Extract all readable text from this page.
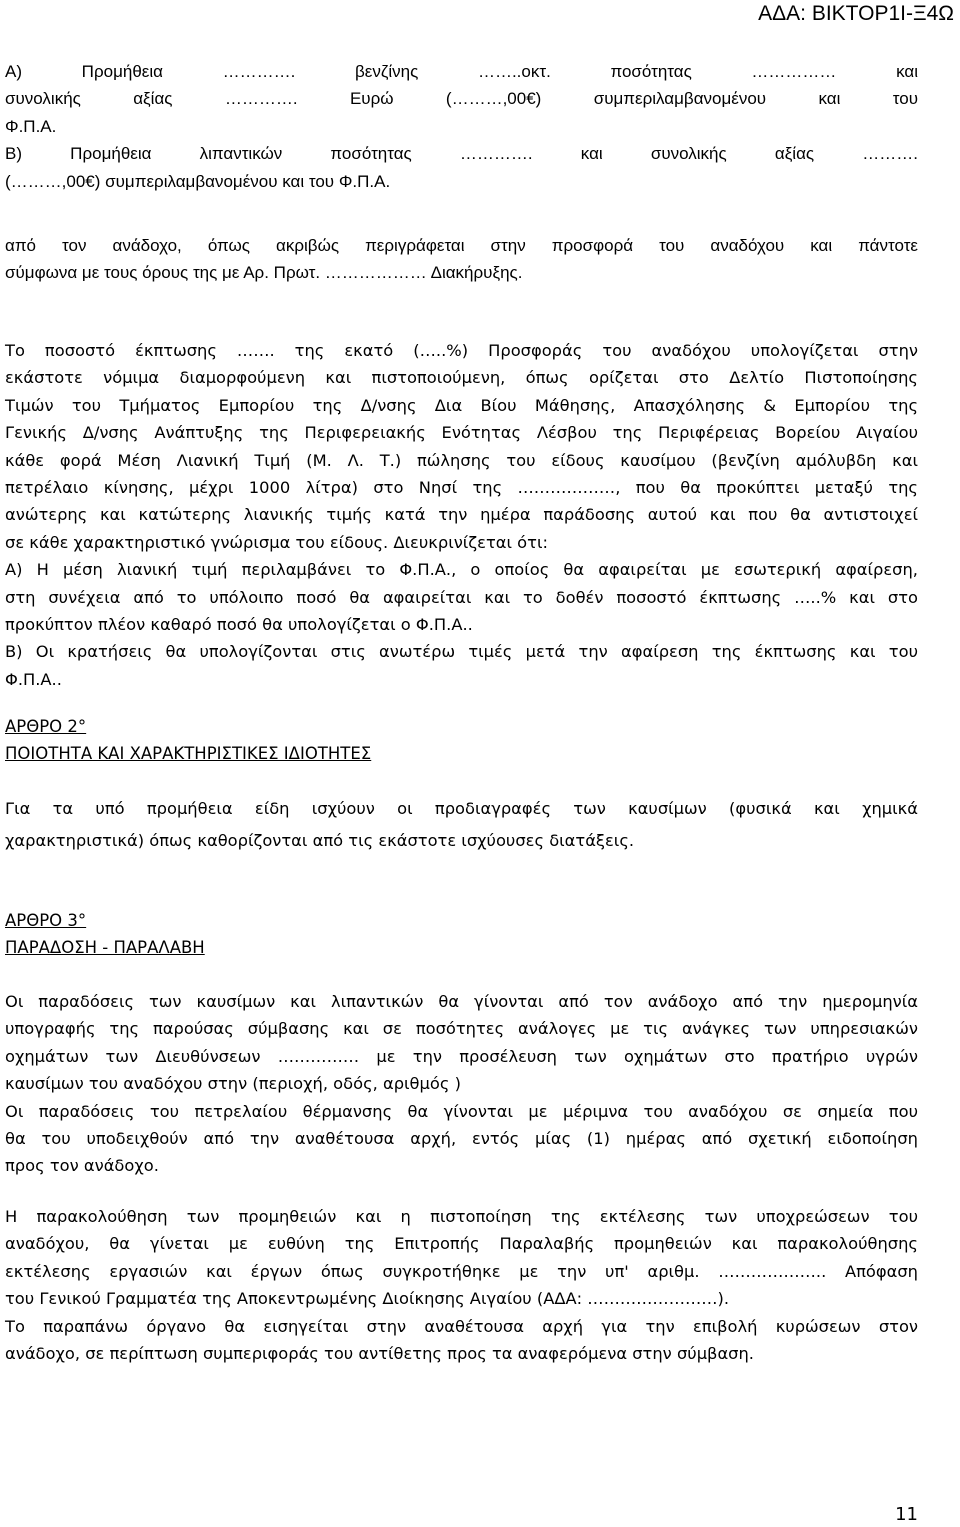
ΑΔΑ: ΒΙΚΤΟΡ1Ι-Ξ4Ω
Α) Προμήθεια …………. βενζίνης ……..οκτ. ποσότητας …………… και
συνολικής αξίας …………. Ευρώ (………,00€) συμπεριλαμβανομένου και του
Φ.Π.Α.
Β) Προμήθεια λιπαντικών ποσότητας …………. και συνολικής αξίας ……….
(………,00€) συμπεριλαμβανομένου και του Φ.Π.Α.
από τον ανάδοχο, όπως ακριβώς περιγράφεται στην προσφορά του αναδόχου και πάντοτε
σύμφωνα με τους όρους της με Αρ. Πρωτ. ……………… Διακήρυξης.
Το ποσοστό έκπτωσης ……. της εκατό (…..%) Προσφοράς του αναδόχου υπολογίζεται στην
εκάστοτε νόμιμα διαμορφούμενη και πιστοποιούμενη, όπως ορίζεται στο Δελτίο Πιστοποίησης
Τιμών του Τμήματος Εμπορίου της Δ/νσης Δια Βίου Μάθησης, Απασχόλησης & Εμπορίου της
Γενικής Δ/νσης Ανάπτυξης της Περιφερειακής Ενότητας Λέσβου της Περιφέρειας Βορείου Αιγαίου
κάθε φορά Μέση Λιανική Τιμή (Μ. Λ. Τ.) πώλησης του είδους καυσίμου (βενζίνη αμόλυβδη και
πετρέλαιο κίνησης, μέχρι 1000 λίτρα) στο Νησί της ………………, που θα προκύπτει μεταξύ της
ανώτερης και κατώτερης λιανικής τιμής κατά την ημέρα παράδοσης αυτού και που θα αντιστοιχεί
σε κάθε χαρακτηριστικό γνώρισμα του είδους. Διευκρινίζεται ότι:
Α) Η μέση λιανική τιμή περιλαμβάνει το Φ.Π.Α., ο οποίος θα αφαιρείται με εσωτερική αφαίρεση,
στη συνέχεια από το υπόλοιπο ποσό θα αφαιρείται και το δοθέν ποσοστό έκπτωσης …..% και στο
προκύπτον πλέον καθαρό ποσό θα υπολογίζεται ο Φ.Π.Α..
Β) Οι κρατήσεις θα υπολογίζονται στις ανωτέρω τιμές μετά την αφαίρεση της έκπτωσης και του
Φ.Π.Α..
ΑΡΘΡΟ 2°
ΠΟΙΟΤΗΤΑ ΚΑΙ ΧΑΡΑΚΤΗΡΙΣΤΙΚΕΣ ΙΔΙΟΤΗΤΕΣ
Για τα υπό προμήθεια είδη ισχύουν οι προδιαγραφές των καυσίμων (φυσικά και χημικά
χαρακτηριστικά) όπως καθορίζονται από τις εκάστοτε ισχύουσες διατάξεις.
ΑΡΘΡΟ 3°
ΠΑΡΑΔΟΣΗ - ΠΑΡΑΛΑΒΗ
Οι παραδόσεις των καυσίμων και λιπαντικών θα γίνονται από τον ανάδοχο από την ημερομηνία
υπογραφής της παρούσας σύμβασης και σε ποσότητες ανάλογες με τις ανάγκες των υπηρεσιακών
οχημάτων των Διευθύνσεων …………… με την προσέλευση των οχημάτων στο πρατήριο υγρών
καυσίμων του αναδόχου στην (περιοχή, οδός, αριθμός )
Οι παραδόσεις του πετρελαίου θέρμανσης θα γίνονται με μέριμνα του αναδόχου σε σημεία που
θα του υποδειχθούν από την αναθέτουσα αρχή, εντός μίας (1) ημέρας από σχετική ειδοποίηση
προς τον ανάδοχο.
Η παρακολούθηση των προμηθειών και η πιστοποίηση της εκτέλεσης των υποχρεώσεων του
αναδόχου, θα γίνεται με ευθύνη της Επιτροπής Παραλαβής προμηθειών και παρακολούθησης
εκτέλεσης εργασιών και έργων όπως συγκροτήθηκε με την υπ' αριθμ. ……………….. Απόφαση
του Γενικού Γραμματέα της Αποκεντρωμένης Διοίκησης Αιγαίου (ΑΔΑ: ……………………).
Το παραπάνω όργανο θα εισηγείται στην αναθέτουσα αρχή για την επιβολή κυρώσεων στον
ανάδοχο, σε περίπτωση συμπεριφοράς του αντίθετης προς τα αναφερόμενα στην σύμβαση.
11
